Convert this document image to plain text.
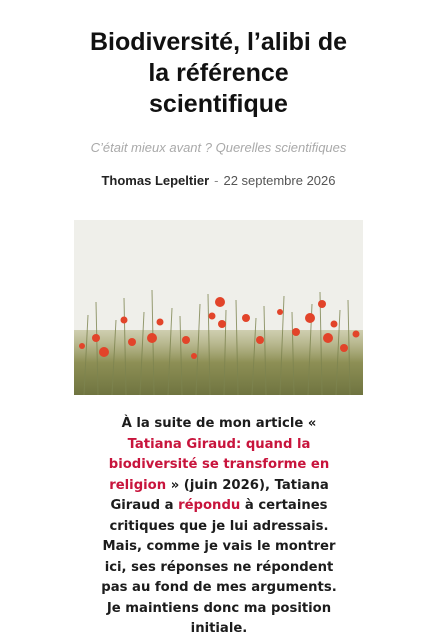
Biodiversité, l’alibi de
la référence
scientifique
C’était mieux avant ? Querelles scientifiques
Thomas Lepeltier - 22 septembre 2026

À la suite de mon article « Tatiana Giraud: quand la biodiversité se transforme en religion » (juin 2026), Tatiana Giraud a répondu à certaines critiques que je lui adressais. Mais, comme je vais le montrer ici, ses réponses ne répondent pas au fond de mes arguments. Je maintiens donc ma position initiale.
